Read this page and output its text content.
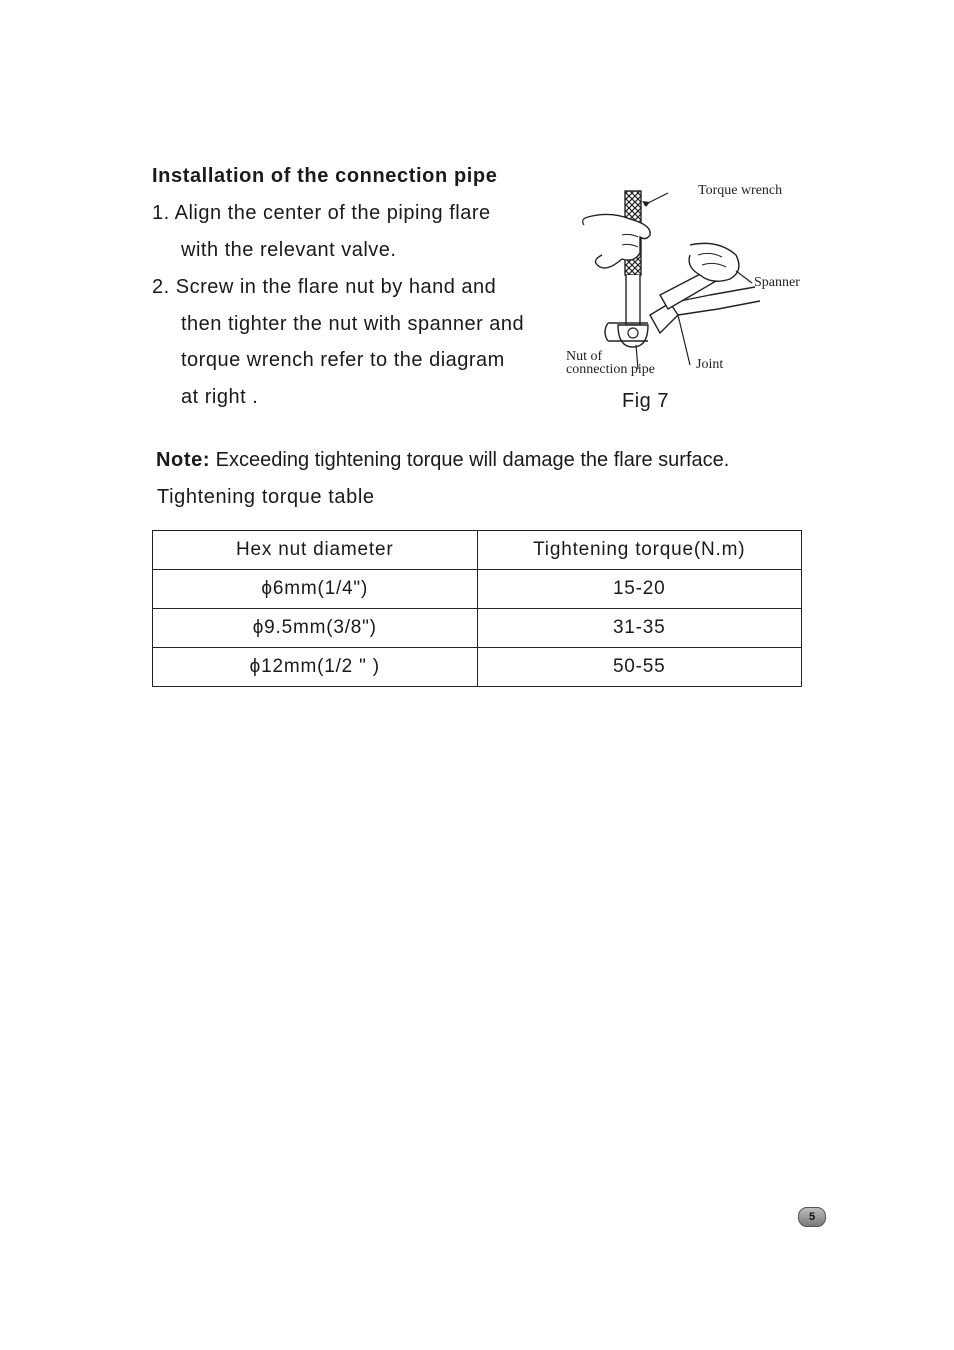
Installation of the connection pipe
1. Align the center of the piping flare
with the relevant valve.
2. Screw in the flare nut by hand and
then tighter the nut with spanner and
torque wrench refer to the diagram
at right .
Torque wrench
Spanner
Nut of
connection pipe	Joint
Fig 7
Note: Exceeding tightening torque will damage the flare surface.
Tightening torque table
Hex nut diameter	Tightening torque(N.m)
ϕ6mm(1/4")	15-20
ϕ9.5mm(3/8")	31-35
ϕ12mm(1/2 " )	50-55
5
